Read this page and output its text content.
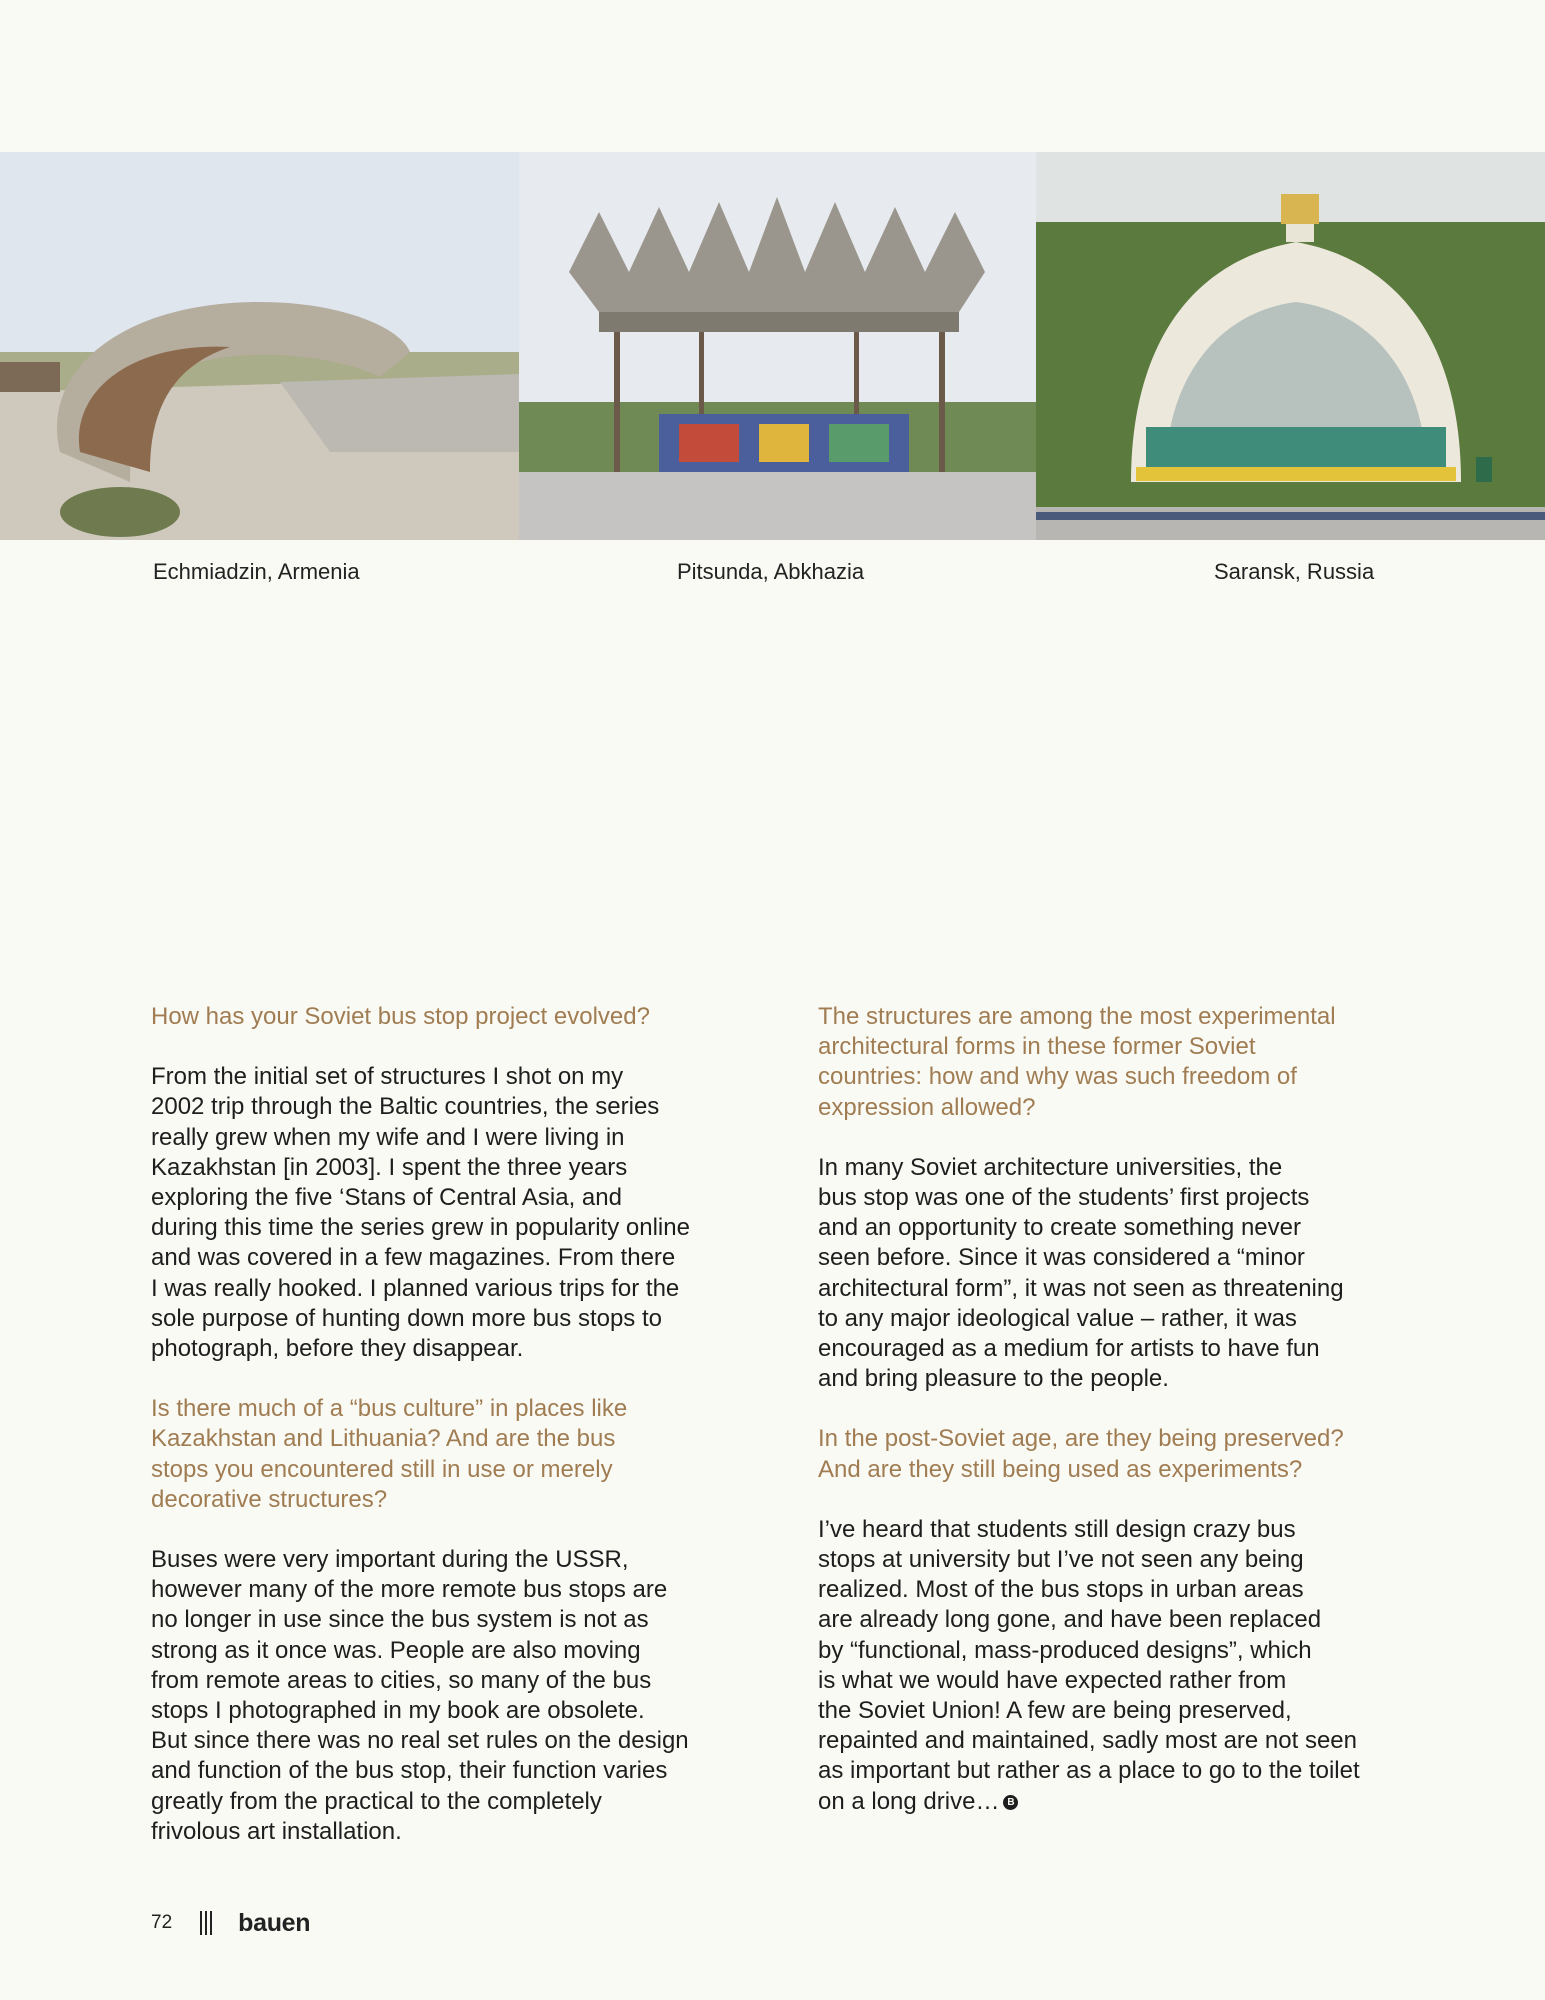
Echmiadzin, Armenia	Pitsunda, Abkhazia	Saransk, Russia

How has your Soviet bus stop project evolved?

From the initial set of structures I shot on my
2002 trip through the Baltic countries, the series
really grew when my wife and I were living in
Kazakhstan [in 2003]. I spent the three years
exploring the five ‘Stans of Central Asia, and
during this time the series grew in popularity online
and was covered in a few magazines. From there
I was really hooked. I planned various trips for the
sole purpose of hunting down more bus stops to
photograph, before they disappear.

Is there much of a “bus culture” in places like
Kazakhstan and Lithuania? And are the bus
stops you encountered still in use or merely
decorative structures?

Buses were very important during the USSR,
however many of the more remote bus stops are
no longer in use since the bus system is not as
strong as it once was. People are also moving
from remote areas to cities, so many of the bus
stops I photographed in my book are obsolete.
But since there was no real set rules on the design
and function of the bus stop, their function varies
greatly from the practical to the completely
frivolous art installation.

The structures are among the most experimental
architectural forms in these former Soviet
countries: how and why was such freedom of
expression allowed?

In many Soviet architecture universities, the
bus stop was one of the students’ first projects
and an opportunity to create something never
seen before. Since it was considered a “minor
architectural form”, it was not seen as threatening
to any major ideological value – rather, it was
encouraged as a medium for artists to have fun
and bring pleasure to the people.

In the post-Soviet age, are they being preserved?
And are they still being used as experiments?

I’ve heard that students still design crazy bus
stops at university but I’ve not seen any being
realized. Most of the bus stops in urban areas
are already long gone, and have been replaced
by “functional, mass-produced designs”, which
is what we would have expected rather from
the Soviet Union! A few are being preserved,
repainted and maintained, sadly most are not seen
as important but rather as a place to go to the toilet
on a long drive… B

72	bauen
